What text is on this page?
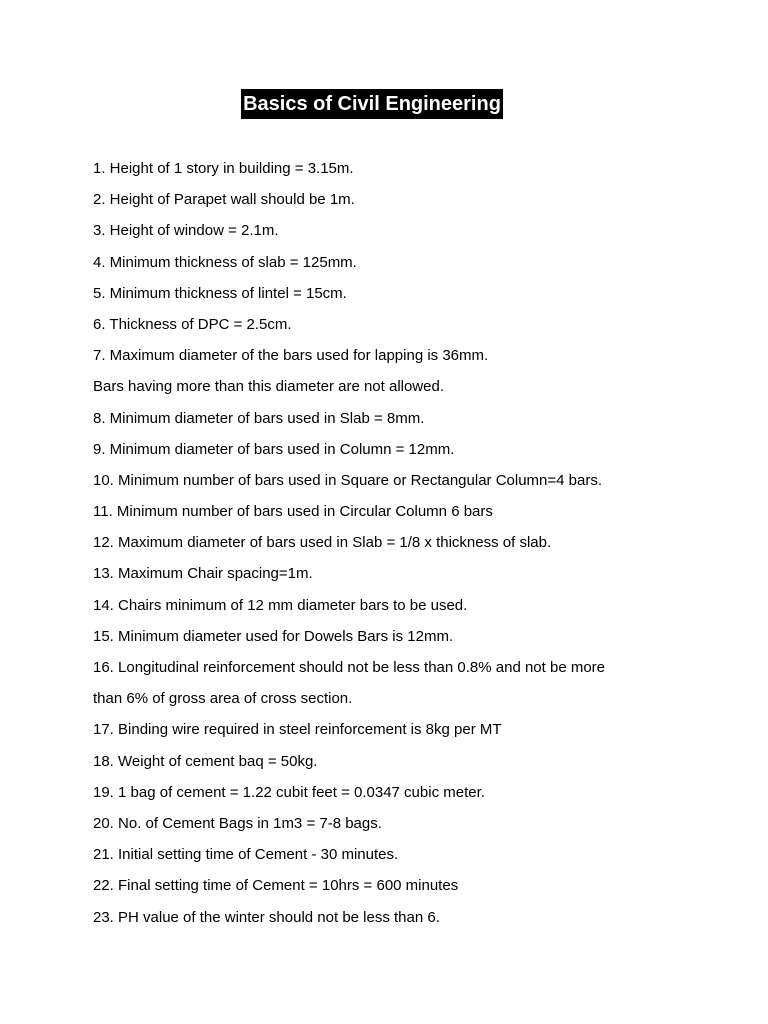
Basics of Civil Engineering
1. Height of 1 story in building = 3.15m.
2. Height of Parapet wall should be 1m.
3. Height of window = 2.1m.
4. Minimum thickness of slab = 125mm.
5. Minimum thickness of lintel = 15cm.
6. Thickness of DPC = 2.5cm.
7. Maximum diameter of the bars used for lapping is 36mm.
Bars having more than this diameter are not allowed.
8. Minimum diameter of bars used in Slab = 8mm.
9. Minimum diameter of bars used in Column = 12mm.
10. Minimum number of bars used in Square or Rectangular Column=4 bars.
11. Minimum number of bars used in Circular Column 6 bars
12. Maximum diameter of bars used in Slab = 1/8 x thickness of slab.
13. Maximum Chair spacing=1m.
14. Chairs minimum of 12 mm diameter bars to be used.
15. Minimum diameter used for Dowels Bars is 12mm.
16. Longitudinal reinforcement should not be less than 0.8% and not be more
than 6% of gross area of cross section.
17. Binding wire required in steel reinforcement is 8kg per MT
18. Weight of cement baq = 50kg.
19. 1 bag of cement = 1.22 cubit feet = 0.0347 cubic meter.
20. No. of Cement Bags in 1m3 = 7-8 bags.
21. Initial setting time of Cement - 30 minutes.
22. Final setting time of Cement = 10hrs = 600 minutes
23. PH value of the winter should not be less than 6.
